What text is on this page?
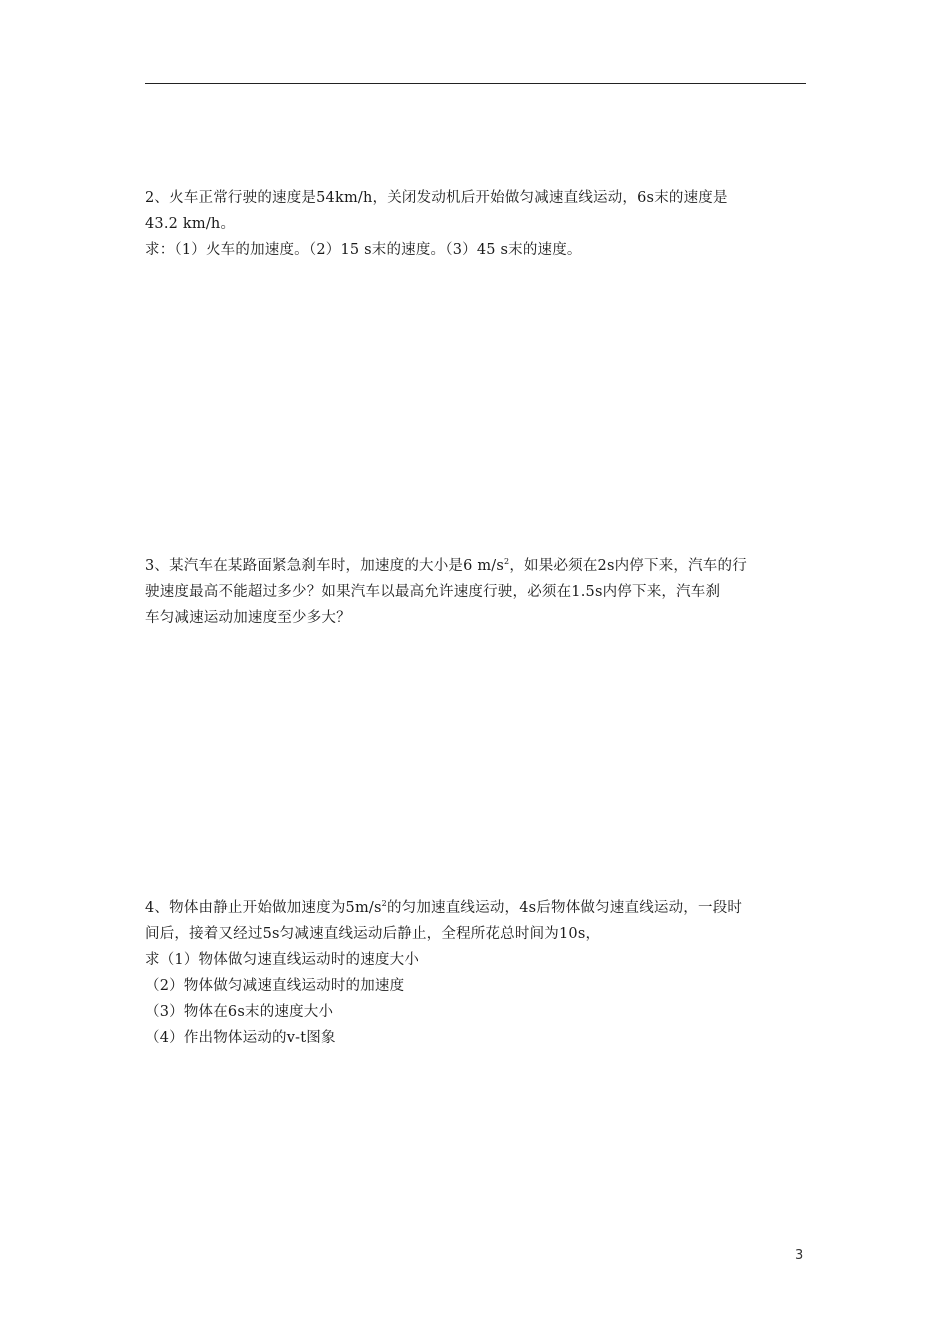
2、火车正常行驶的速度是54km/h，关闭发动机后开始做匀减速直线运动，6s末的速度是
43.2 km/h。
求：（1）火车的加速度。（2）15 s末的速度。（3）45 s末的速度。
3、某汽车在某路面紧急刹车时，加速度的大小是6 $m/s^2$，如果必须在2s内停下来，汽车的行
驶速度最高不能超过多少？如果汽车以最高允许速度行驶，必须在1.5s内停下来，汽车刹
车匀减速运动加速度至少多大？
4、物体由静止开始做加速度为$5m/s^2$的匀加速直线运动，4s后物体做匀速直线运动，一段时
间后，接着又经过5s匀减速直线运动后静止，全程所花总时间为10s，
求（1）物体做匀速直线运动时的速度大小
（2）物体做匀减速直线运动时的加速度
（3）物体在6s末的速度大小
（4）作出物体运动的v-t图象
3
